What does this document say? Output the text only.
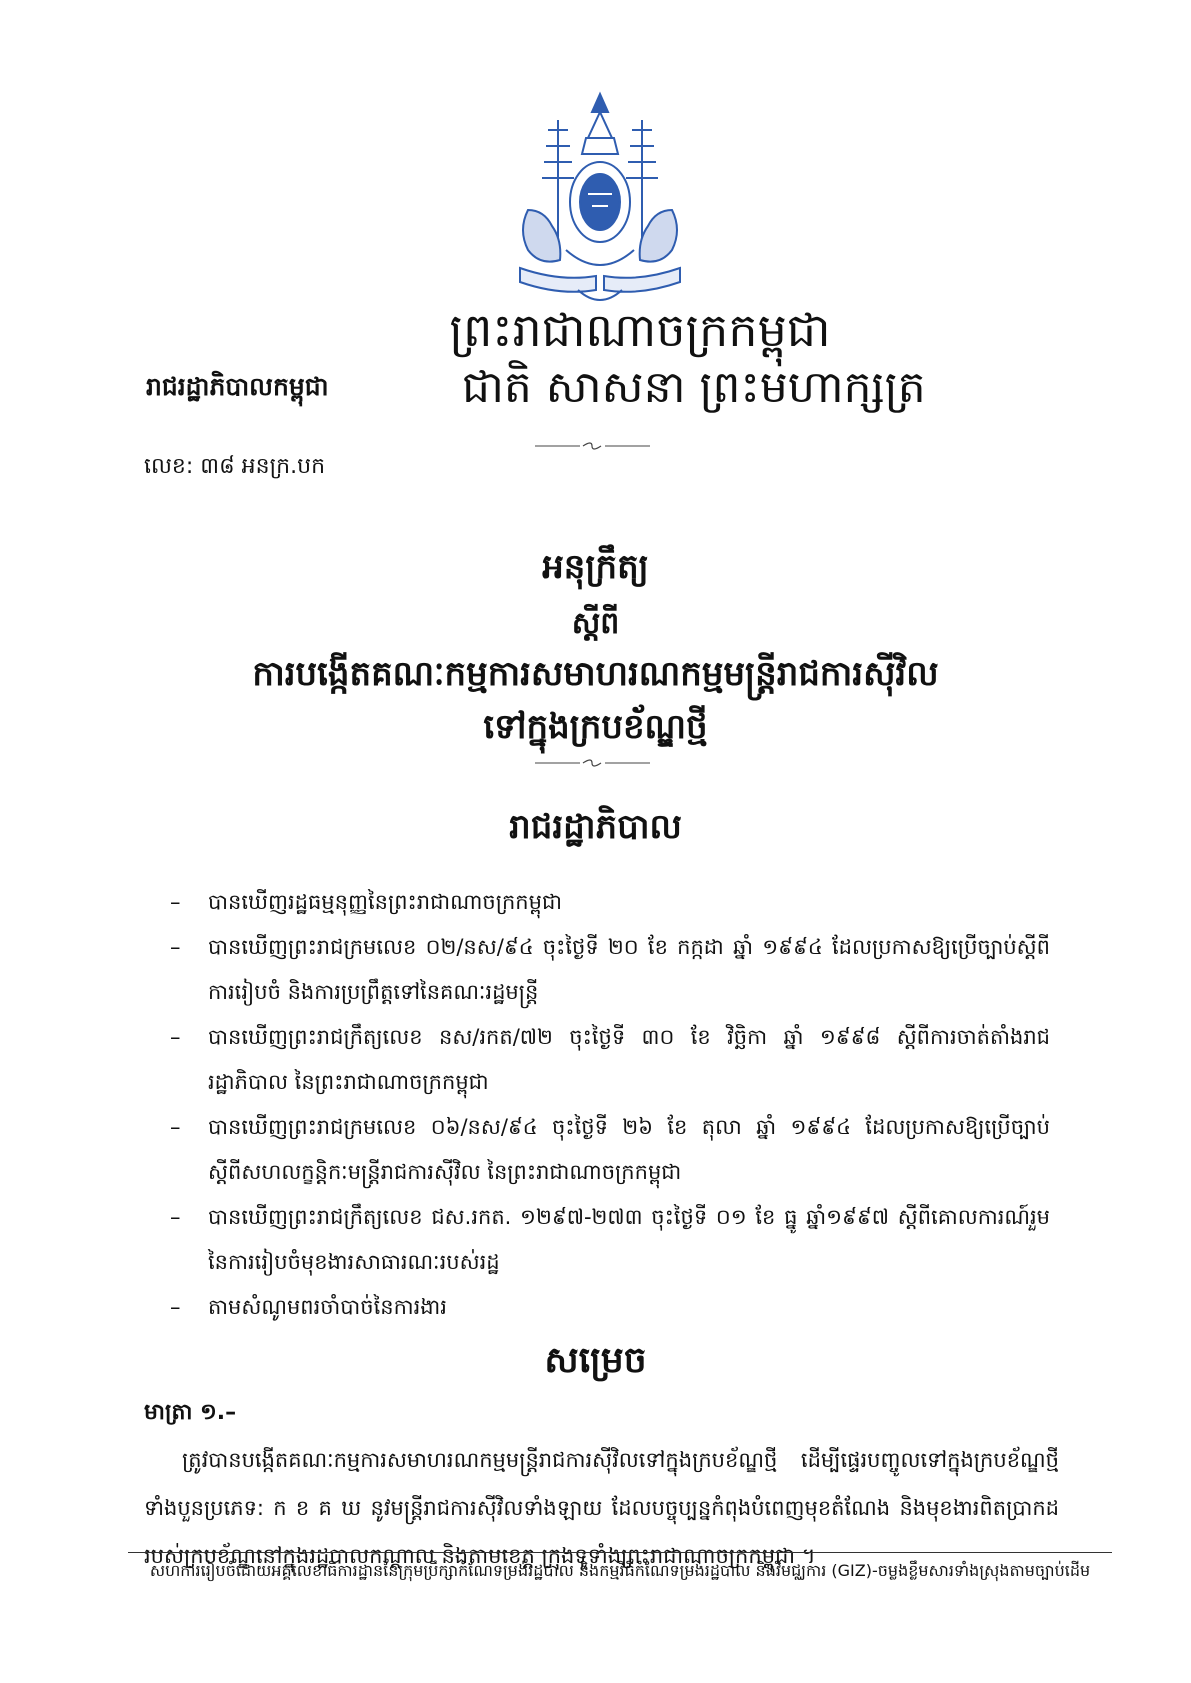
ព្រះរាជាណាចក្រកម្ពុជា
រាជរដ្ឋាភិបាលកម្ពុជា	ជាតិ សាសនា ព្រះមហាក្សត្រ
លេខ: ៣៨ អនក្រ.បក
អនុក្រឹត្យ
ស្តីពី
ការបង្កើតគណៈកម្មការសមាហរណកម្មមន្ត្រីរាជការស៊ីវិល
ទៅក្នុងក្របខ័ណ្ឌថ្មី
រាជរដ្ឋាភិបាល
– បានឃើញរដ្ឋធម្មនុញ្ញនៃព្រះរាជាណាចក្រកម្ពុជា
– បានឃើញព្រះរាជក្រមលេខ ០២/នស/៩៤ ចុះថ្ងៃទី ២០ ខែ កក្កដា ឆ្នាំ ១៩៩៤ ដែលប្រកាសឱ្យប្រើច្បាប់ស្តីពីការរៀបចំ និងការប្រព្រឹត្តទៅនៃគណៈរដ្ឋមន្ត្រី
– បានឃើញព្រះរាជក្រឹត្យលេខ នស/រកត/៧២ ចុះថ្ងៃទី ៣០ ខែ វិច្ឆិកា ឆ្នាំ ១៩៩៨ ស្តីពីការចាត់តាំងរាជរដ្ឋាភិបាល នៃព្រះរាជាណាចក្រកម្ពុជា
– បានឃើញព្រះរាជក្រមលេខ ០៦/នស/៩៤ ចុះថ្ងៃទី ២៦ ខែ តុលា ឆ្នាំ ១៩៩៤ ដែលប្រកាសឱ្យប្រើច្បាប់ស្តីពីសហលក្ខន្តិកៈមន្ត្រីរាជការស៊ីវិល នៃព្រះរាជាណាចក្រកម្ពុជា
– បានឃើញព្រះរាជក្រឹត្យលេខ ជស.រកត. ១២៩៧-២៧៣ ចុះថ្ងៃទី ០១ ខែ ធ្នូ ឆ្នាំ១៩៩៧ ស្តីពីគោលការណ៍រួមនៃការរៀបចំមុខងារសាធារណៈរបស់រដ្ឋ
– តាមសំណូមពរចាំបាច់នៃការងារ
សម្រេច
មាត្រា ១.–
ត្រូវបានបង្កើតគណៈកម្មការសមាហរណកម្មមន្ត្រីរាជការស៊ីវិលទៅក្នុងក្របខ័ណ្ឌថ្មី ដើម្បីផ្ទេរបញ្ចូលទៅក្នុងក្របខ័ណ្ឌថ្មីទាំងបួនប្រភេទ: ក ខ គ ឃ នូវមន្ត្រីរាជការស៊ីវិលទាំងឡាយ ដែលបច្ចុប្បន្នកំពុងបំពេញមុខតំណែង និងមុខងារពិតប្រាកដរបស់ក្របខ័ណ្ឌនៅក្នុងរដ្ឋបាលកណ្តាល និងតាមខេត្ត ក្រុងទូទាំងព្រះរាជាណាចក្រកម្ពុជា ។
សហការរៀបចំដោយអគ្គលេខាធិការដ្ឋាននៃក្រុមប្រឹក្សាកំណែទម្រង់រដ្ឋបាល និងកម្មវិធីកំណែទម្រង់រដ្ឋបាល និងវិមជ្ឈការ (GIZ)-ចម្លងខ្លឹមសារទាំងស្រុងតាមច្បាប់ដើម
